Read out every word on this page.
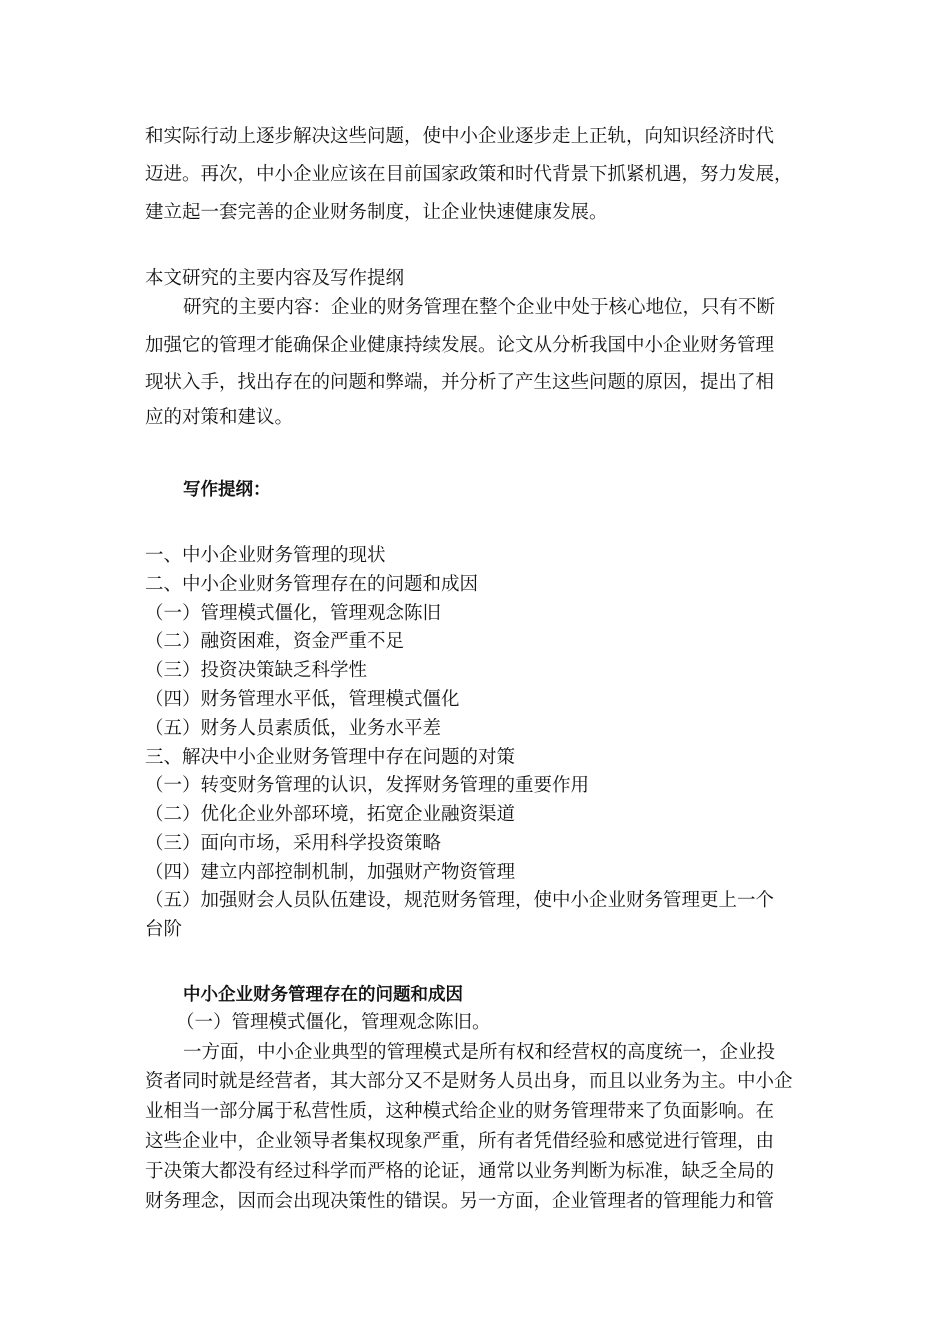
和实际行动上逐步解决这些问题，使中小企业逐步走上正轨，向知识经济时代
迈进。再次，中小企业应该在目前国家政策和时代背景下抓紧机遇，努力发展，
建立起一套完善的企业财务制度，让企业快速健康发展。
本文研究的主要内容及写作提纲
研究的主要内容：企业的财务管理在整个企业中处于核心地位，只有不断
加强它的管理才能确保企业健康持续发展。论文从分析我国中小企业财务管理
现状入手，找出存在的问题和弊端，并分析了产生这些问题的原因，提出了相
应的对策和建议。
写作提纲：
一、中小企业财务管理的现状
二、中小企业财务管理存在的问题和成因
（一）管理模式僵化，管理观念陈旧
（二）融资困难，资金严重不足
（三）投资决策缺乏科学性
（四）财务管理水平低，管理模式僵化
（五）财务人员素质低，业务水平差
三、解决中小企业财务管理中存在问题的对策
（一）转变财务管理的认识，发挥财务管理的重要作用
（二）优化企业外部环境，拓宽企业融资渠道
（三）面向市场，采用科学投资策略
（四）建立内部控制机制，加强财产物资管理
（五）加强财会人员队伍建设，规范财务管理，使中小企业财务管理更上一个
台阶
中小企业财务管理存在的问题和成因
（一）管理模式僵化，管理观念陈旧。
一方面，中小企业典型的管理模式是所有权和经营权的高度统一，企业投
资者同时就是经营者，其大部分又不是财务人员出身，而且以业务为主。中小企
业相当一部分属于私营性质，这种模式给企业的财务管理带来了负面影响。在
这些企业中，企业领导者集权现象严重，所有者凭借经验和感觉进行管理，由
于决策大都没有经过科学而严格的论证，通常以业务判断为标准，缺乏全局的
财务理念，因而会出现决策性的错误。另一方面，企业管理者的管理能力和管
